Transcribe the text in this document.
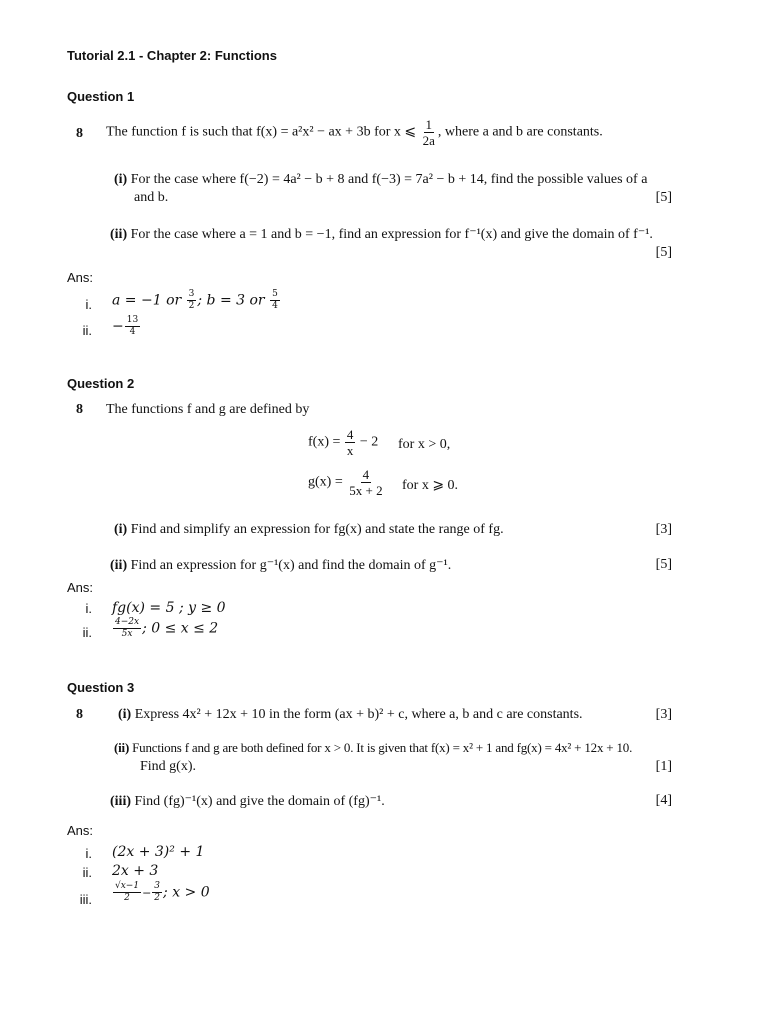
Tutorial 2.1 - Chapter 2: Functions
Question 1
8 The function f is such that f(x) = a²x² − ax + 3b for x ⩽ $\frac{1}{2a}$ , where a and b are constants.
(i) For the case where f(−2) = 4a² − b + 8 and f(−3) = 7a² − b + 14, find the possible values of a
and b.	[5]
(ii) For the case where a = 1 and b = −1, find an expression for f⁻¹(x) and give the domain of f⁻¹.
[5]
Ans:
i. a = −1 or $\frac{3}{2}$ ; b = 3 or $\frac{5}{4}$
ii. − $\frac{13}{4}$
Question 2
8 The functions f and g are defined by
$f(x) = \frac{4}{x} - 2$ for x > 0,
$g(x) = \frac{4}{5x + 2}$ for x ⩾ 0.
(i) Find and simplify an expression for fg(x) and state the range of fg.	[3]
(ii) Find an expression for g⁻¹(x) and find the domain of g⁻¹.	[5]
Ans:
i. fg(x) = 5 ; y ≥ 0
ii. $\frac{4-2x}{5x}$ ; 0 ≤ x ≤ 2
Question 3
8	(i) Express 4x² + 12x + 10 in the form (ax + b)² + c, where a, b and c are constants.	[3]
(ii) Functions f and g are both defined for x > 0. It is given that f(x) = x² + 1 and fg(x) = 4x² + 12x + 10.
Find g(x).	[1]
(iii) Find (fg)⁻¹(x) and give the domain of (fg)⁻¹.	[4]
Ans:
i. (2x + 3)² + 1
ii. 2x + 3
iii. $\frac{√x-1}{2} - \frac{3}{2}$ ; x > 0
